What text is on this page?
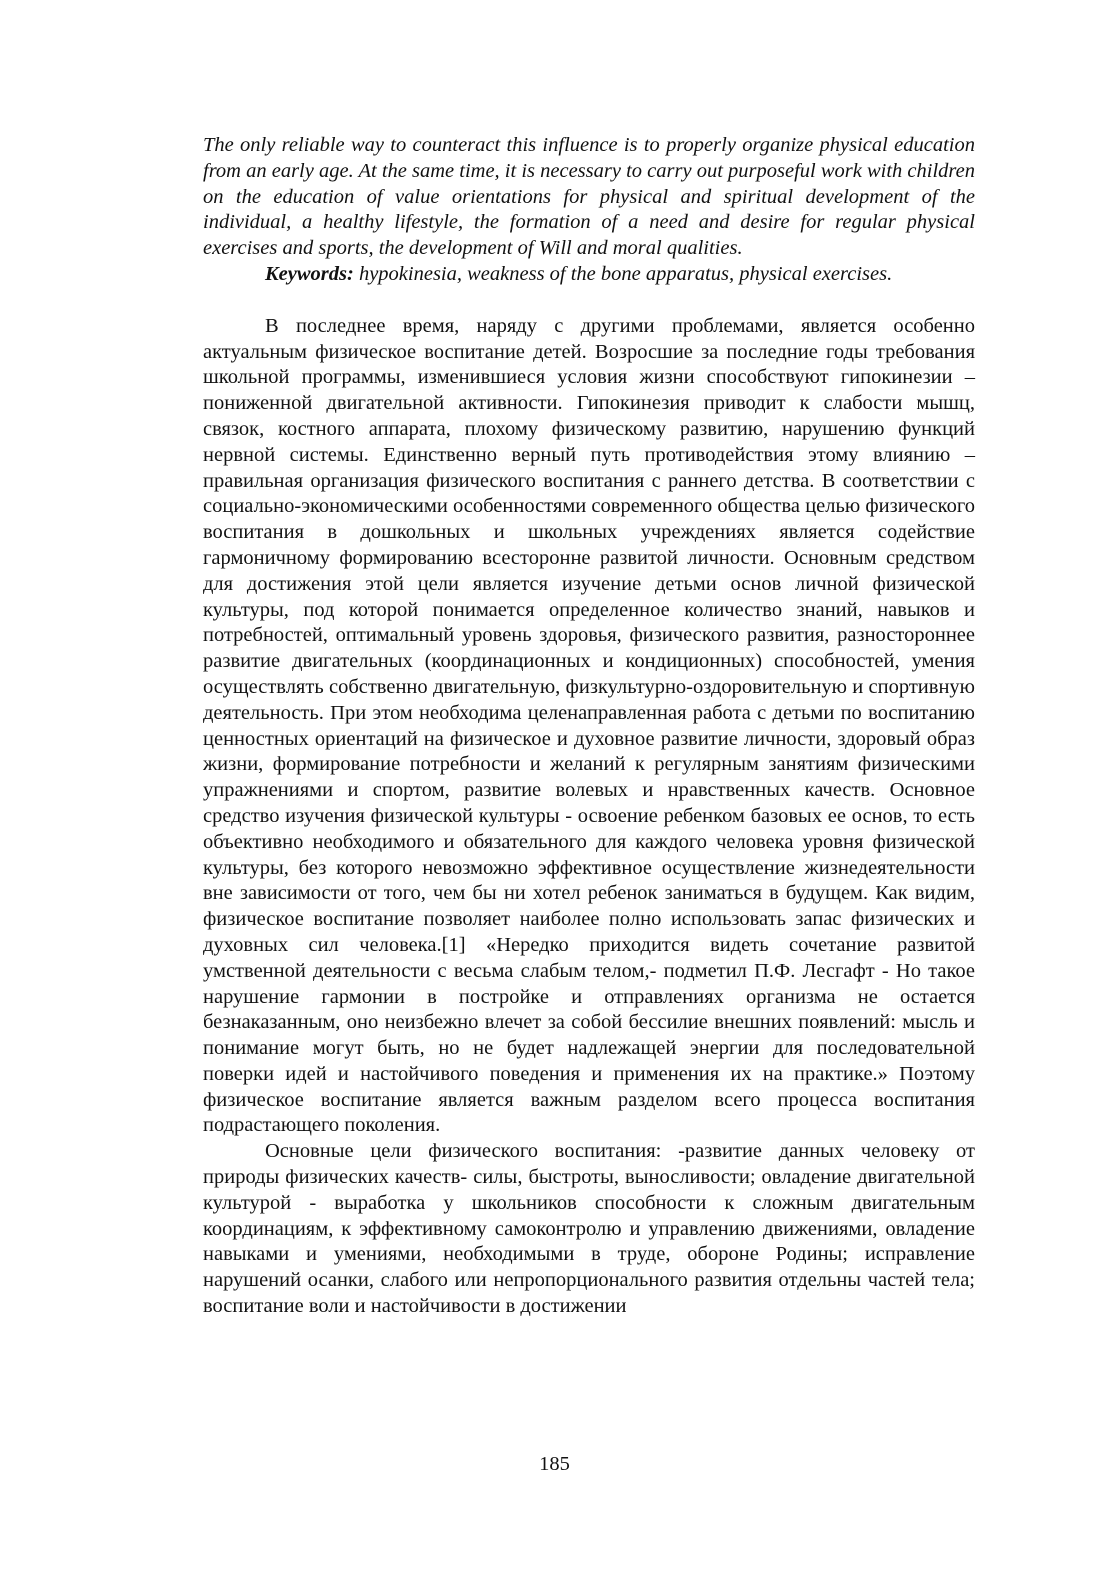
The only reliable way to counteract this influence is to properly organize physical education from an early age. At the same time, it is necessary to carry out purposeful work with children on the education of value orientations for physical and spiritual development of the individual, a healthy lifestyle, the formation of a need and desire for regular physical exercises and sports, the development of Will and moral qualities.

Keywords: hypokinesia, weakness of the bone apparatus, physical exercises.

В последнее время, наряду с другими проблемами, является особенно актуальным физическое воспитание детей. Возросшие за последние годы требования школьной программы, изменившиеся условия жизни способствуют гипокинезии – пониженной двигательной активности. Гипокинезия приводит к слабости мышц, связок, костного аппарата, плохому физическому развитию, нарушению функций нервной системы. Единственно верный путь противодействия этому влиянию – правильная организация физического воспитания с раннего детства. В соответствии с социально-экономическими особенностями современного общества целью физического воспитания в дошкольных и школьных учреждениях является содействие гармоничному формированию всесторонне развитой личности. Основным средством для достижения этой цели является изучение детьми основ личной физической культуры, под которой понимается определенное количество знаний, навыков и потребностей, оптимальный уровень здоровья, физического развития, разностороннее развитие двигательных (координационных и кондиционных) способностей, умения осуществлять собственно двигательную, физкультурно-оздоровительную и спортивную деятельность. При этом необходима целенаправленная работа с детьми по воспитанию ценностных ориентаций на физическое и духовное развитие личности, здоровый образ жизни, формирование потребности и желаний к регулярным занятиям физическими упражнениями и спортом, развитие волевых и нравственных качеств. Основное средство изучения физической культуры - освоение ребенком базовых ее основ, то есть объективно необходимого и обязательного для каждого человека уровня физической культуры, без которого невозможно эффективное осуществление жизнедеятельности вне зависимости от того, чем бы ни хотел ребенок заниматься в будущем. Как видим, физическое воспитание позволяет наиболее полно использовать запас физических и духовных сил человека.[1] «Нередко приходится видеть сочетание развитой умственной деятельности с весьма слабым телом,- подметил П.Ф. Лесгафт - Но такое нарушение гармонии в постройке и отправлениях организма не остается безнаказанным, оно неизбежно влечет за собой бессилие внешних появлений: мысль и понимание могут быть, но не будет надлежащей энергии для последовательной поверки идей и настойчивого поведения и применения их на практике.» Поэтому физическое воспитание является важным разделом всего процесса воспитания подрастающего поколения.

Основные цели физического воспитания: -развитие данных человеку от природы физических качеств- силы, быстроты, выносливости; овладение двигательной культурой - выработка у школьников способности к сложным двигательным координациям, к эффективному самоконтролю и управлению движениями, овладение навыками и умениями, необходимыми в труде, обороне Родины; исправление нарушений осанки, слабого или непропорционального развития отдельны частей тела; воспитание воли и настойчивости в достижении

185
